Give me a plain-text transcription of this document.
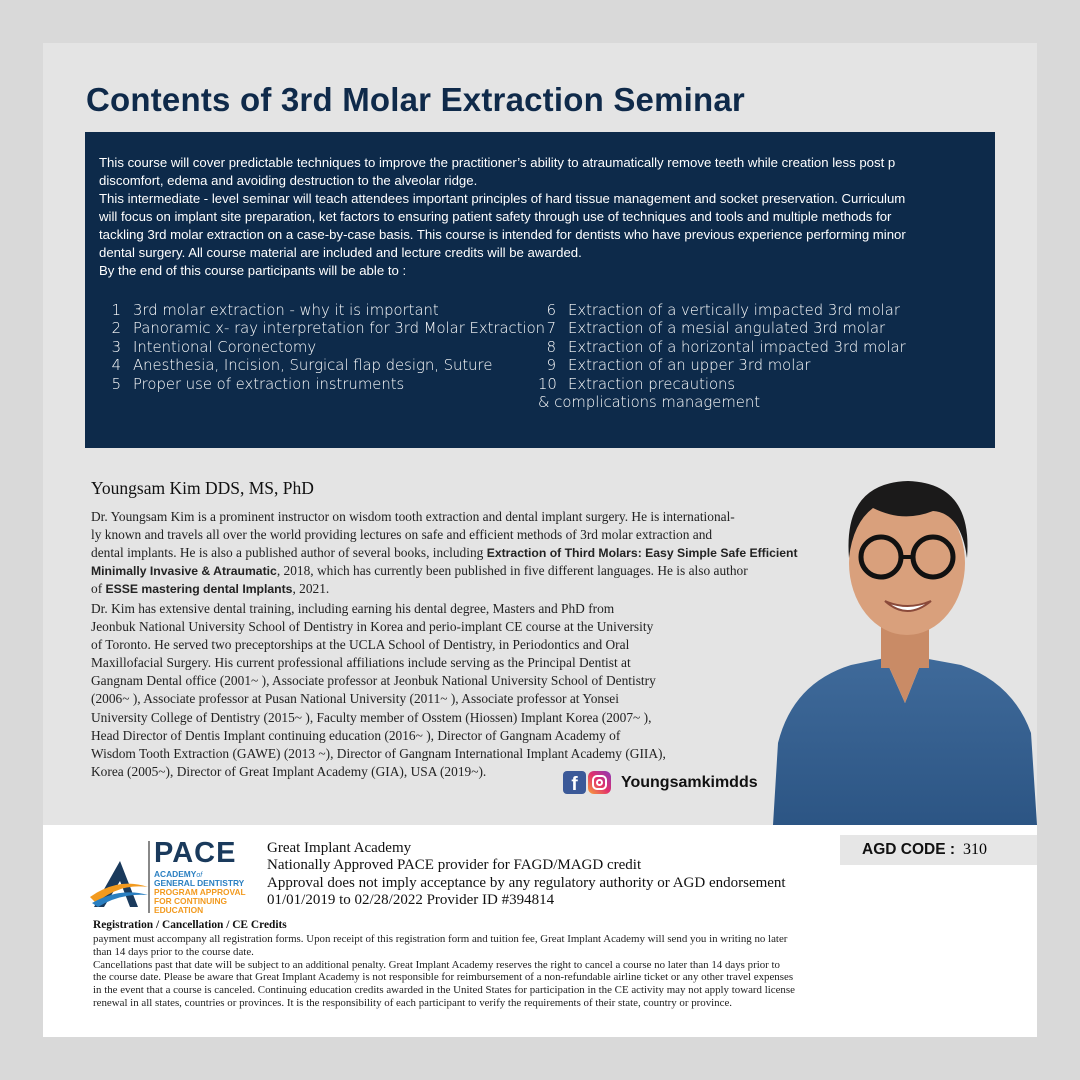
Contents of 3rd Molar Extraction Seminar

This course will cover predictable techniques to improve the practitioner’s ability to atraumatically remove teeth while creation less post p

discomfort, edema and avoiding destruction to the alveolar ridge.

This intermediate - level seminar will teach attendees important principles of hard tissue management and socket preservation. Curriculum

will focus on implant site preparation, ket factors to ensuring patient safety through use of techniques and tools and multiple methods for

tackling 3rd molar extraction on a case-by-case basis. This course is intended for dentists who have previous experience performing minor

dental surgery. All course material are included and lecture credits will be awarded.

By the end of this course participants will be able to :

1 3rd molar extraction - why it is important
2 Panoramic x- ray interpretation for 3rd Molar Extraction
3 Intentional Coronectomy
4 Anesthesia, Incision, Surgical flap design, Suture
5 Proper use of extraction instruments
6 Extraction of a vertically impacted 3rd molar
7 Extraction of a mesial angulated 3rd molar
8 Extraction of a horizontal impacted 3rd molar
9 Extraction of an upper 3rd molar
10 Extraction precautions
& complications management
Youngsam Kim DDS, MS, PhD
Dr. Youngsam Kim is a prominent instructor on wisdom tooth extraction and dental implant surgery. He is international-
ly known and travels all over the world providing lectures on safe and efficient methods of 3rd molar extraction and
dental implants. He is also a published author of several books, including Extraction of Third Molars: Easy Simple Safe Efficient
Minimally Invasive & Atraumatic, 2018, which has currently been published in five different languages. He is also author
of ESSE mastering dental Implants, 2021.
Dr. Kim has extensive dental training, including earning his dental degree, Masters and PhD from
Jeonbuk National University School of Dentistry in Korea and perio-implant CE course at the University
of Toronto. He served two preceptorships at the UCLA School of Dentistry, in Periodontics and Oral
Maxillofacial Surgery. His current professional affiliations include serving as the Principal Dentist at
Gangnam Dental office (2001~ ), Associate professor at Jeonbuk National University School of Dentistry
(2006~ ), Associate professor at Pusan National University (2011~ ), Associate professor at Yonsei
University College of Dentistry (2015~ ), Faculty member of Osstem (Hiossen) Implant Korea (2007~ ),
Head Director of Dentis Implant continuing education (2016~ ), Director of Gangnam Academy of
Wisdom Tooth Extraction (GAWE) (2013 ~), Director of Gangnam International Implant Academy (GIIA),
Korea (2005~), Director of Great Implant Academy (GIA), USA (2019~).
f	Youngsamkimdds
PACE
ACADEMYof
GENERAL DENTISTRY
PROGRAM APPROVAL
FOR CONTINUING
EDUCATION
Great Implant Academy
Nationally Approved PACE provider for FAGD/MAGD credit
Approval does not imply acceptance by any regulatory authority or AGD endorsement
01/01/2019 to 02/28/2022 Provider ID #394814
AGD CODE : 310
Registration / Cancellation / CE Credits
payment must accompany all registration forms. Upon receipt of this registration form and tuition fee, Great Implant Academy will send you in writing no later
than 14 days prior to the course date.
Cancellations past that date will be subject to an additional penalty. Great Implant Academy reserves the right to cancel a course no later than 14 days prior to
the course date. Please be aware that Great Implant Academy is not responsible for reimbursement of a non-refundable airline ticket or any other travel expenses
in the event that a course is canceled. Continuing education credits awarded in the United States for participation in the CE activity may not apply toward license
renewal in all states, countries or provinces. It is the responsibility of each participant to verify the requirements of their state, country or province.
